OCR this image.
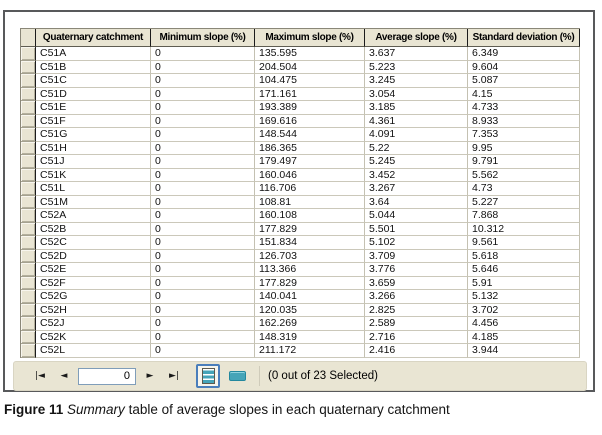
Quaternary catchment	Minimum slope (%)	Maximum slope (%)	Average slope (%)	Standard deviation (%)
C51A	0	135.595	3.637	6.349
C51B	0	204.504	5.223	9.604
C51C	0	104.475	3.245	5.087
C51D	0	171.161	3.054	4.15
C51E	0	193.389	3.185	4.733
C51F	0	169.616	4.361	8.933
C51G	0	148.544	4.091	7.353
C51H	0	186.365	5.22	9.95
C51J	0	179.497	5.245	9.791
C51K	0	160.046	3.452	5.562
C51L	0	116.706	3.267	4.73
C51M	0	108.81	3.64	5.227
C52A	0	160.108	5.044	7.868
C52B	0	177.829	5.501	10.312
C52C	0	151.834	5.102	9.561
C52D	0	126.703	3.709	5.618
C52E	0	113.366	3.776	5.646
C52F	0	177.829	3.659	5.91
C52G	0	140.041	3.266	5.132
C52H	0	120.035	2.825	3.702
C52J	0	162.269	2.589	4.456
C52K	0	148.319	2.716	4.185
C52L	0	211.172	2.416	3.944
|◄	◄	0	►	►|	(0 out of 23 Selected)
Figure 11 Summary table of average slopes in each quaternary catchment
